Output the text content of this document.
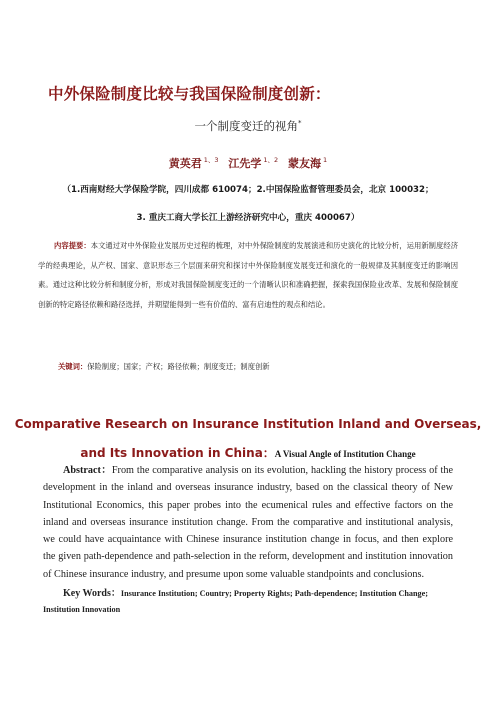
中外保险制度比较与我国保险制度创新：
一个制度变迁的视角*
黄英君 $^{1、3}$ 江先学 $^{1、2}$ 蒙友海 $^1$
（1.西南财经大学保险学院，四川成都 610074；2.中国保险监督管理委员会，北京 100032；
3. 重庆工商大学长江上游经济研究中心，重庆 400067）

内容提要：本文通过对中外保险业发展历史过程的梳理，对中外保险制度的发展演进和历史演化的比较分析，运用新制度经济学的经典理论，从产权、国家、意识形态三个层面来研究和探讨中外保险制度发展变迁和演化的一般规律及其制度变迁的影响因素。通过这种比较分析和制度分析，形成对我国保险制度变迁的一个清晰认识和准确把握，探索我国保险业改革、发展和保险制度创新的特定路径依赖和路径选择，并期望能得到一些有价值的、富有启迪性的观点和结论。

关键词：保险制度；国家；产权；路径依赖；制度变迁；制度创新
Comparative Research on Insurance Institution Inland and Overseas,
and Its Innovation in China：A Visual Angle of Institution Change

Abstract：From the comparative analysis on its evolution, hackling the history process of the development in the inland and overseas insurance industry, based on the classical theory of New Institutional Economics, this paper probes into the ecumenical rules and effective factors on the inland and overseas insurance institution change. From the comparative and institutional analysis, we could have acquaintance with Chinese insurance institution change in focus, and then explore the given path-dependence and path-selection in the reform, development and institution innovation of Chinese insurance industry, and presume upon some valuable standpoints and conclusions.

Key Words：Insurance Institution; Country; Property Rights; Path-dependence; Institution Change; Institution Innovation
